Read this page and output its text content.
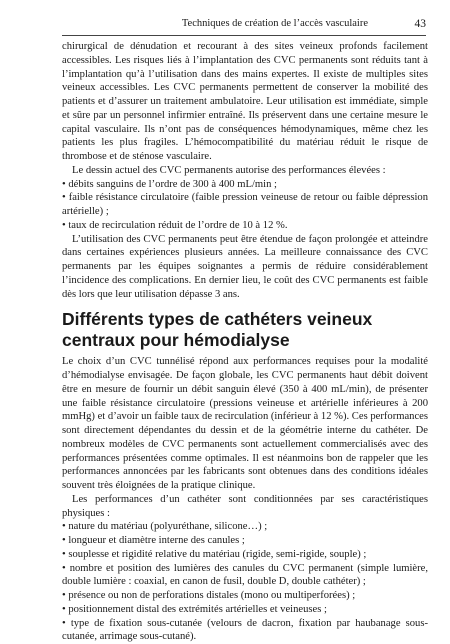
Techniques de création de l’accès vasculaire	43

chirurgical de dénudation et recourant à des sites veineux profonds facilement accessibles. Les risques liés à l’implantation des CVC permanents sont réduits tant à l’implantation qu’à l’utilisation dans des mains expertes. Il existe de multiples sites veineux accessibles. Les CVC permanents permettent de conserver la mobilité des patients et d’assurer un traitement ambulatoire. Leur utilisation est immédiate, simple et sûre par un personnel infirmier entraîné. Ils préservent dans une certaine mesure le capital vasculaire. Ils n’ont pas de conséquences hémodynamiques, même chez les patients les plus fragiles. L’hémocompatibilité du matériau réduit le risque de thrombose et de sténose vasculaire.

Le dessin actuel des CVC permanents autorise des performances élevées :

• débits sanguins de l’ordre de 300 à 400 mL/min ;

• faible résistance circulatoire (faible pression veineuse de retour ou faible dépression artérielle) ;

• taux de recirculation réduit de l’ordre de 10 à 12 %.

L’utilisation des CVC permanents peut être étendue de façon prolongée et atteindre dans certaines expériences plusieurs années. La meilleure connaissance des CVC permanents par les équipes soignantes a permis de réduire considérablement l’incidence des complications. En dernier lieu, le coût des CVC permanents est faible dès lors que leur utilisation dépasse 3 ans.

Différents types de cathéters veineux centraux pour hémodialyse

Le choix d’un CVC tunnélisé répond aux performances requises pour la modalité d’hémodialyse envisagée. De façon globale, les CVC permanents haut débit doivent être en mesure de fournir un débit sanguin élevé (350 à 400 mL/min), de présenter une faible résistance circulatoire (pressions veineuse et artérielle inférieures à 200 mmHg) et d’avoir un faible taux de recirculation (inférieur à 12 %). Ces performances sont directement dépendantes du dessin et de la géométrie interne du cathéter. De nombreux modèles de CVC permanents sont actuellement commercialisés avec des performances présentées comme optimales. Il est néanmoins bon de rappeler que les performances annoncées par les fabricants sont obtenues dans des conditions idéales souvent très éloignées de la pratique clinique.

Les performances d’un cathéter sont conditionnées par ses caractéristiques physiques :

• nature du matériau (polyuréthane, silicone…) ;

• longueur et diamètre interne des canules ;

• souplesse et rigidité relative du matériau (rigide, semi-rigide, souple) ;

• nombre et position des lumières des canules du CVC permanent (simple lumière, double lumière : coaxial, en canon de fusil, double D, double cathéter) ;

• présence ou non de perforations distales (mono ou multiperforées) ;

• positionnement distal des extrémités artérielles et veineuses ;

• type de fixation sous-cutanée (velours de dacron, fixation par haubanage sous-cutanée, arrimage sous-cutané).
